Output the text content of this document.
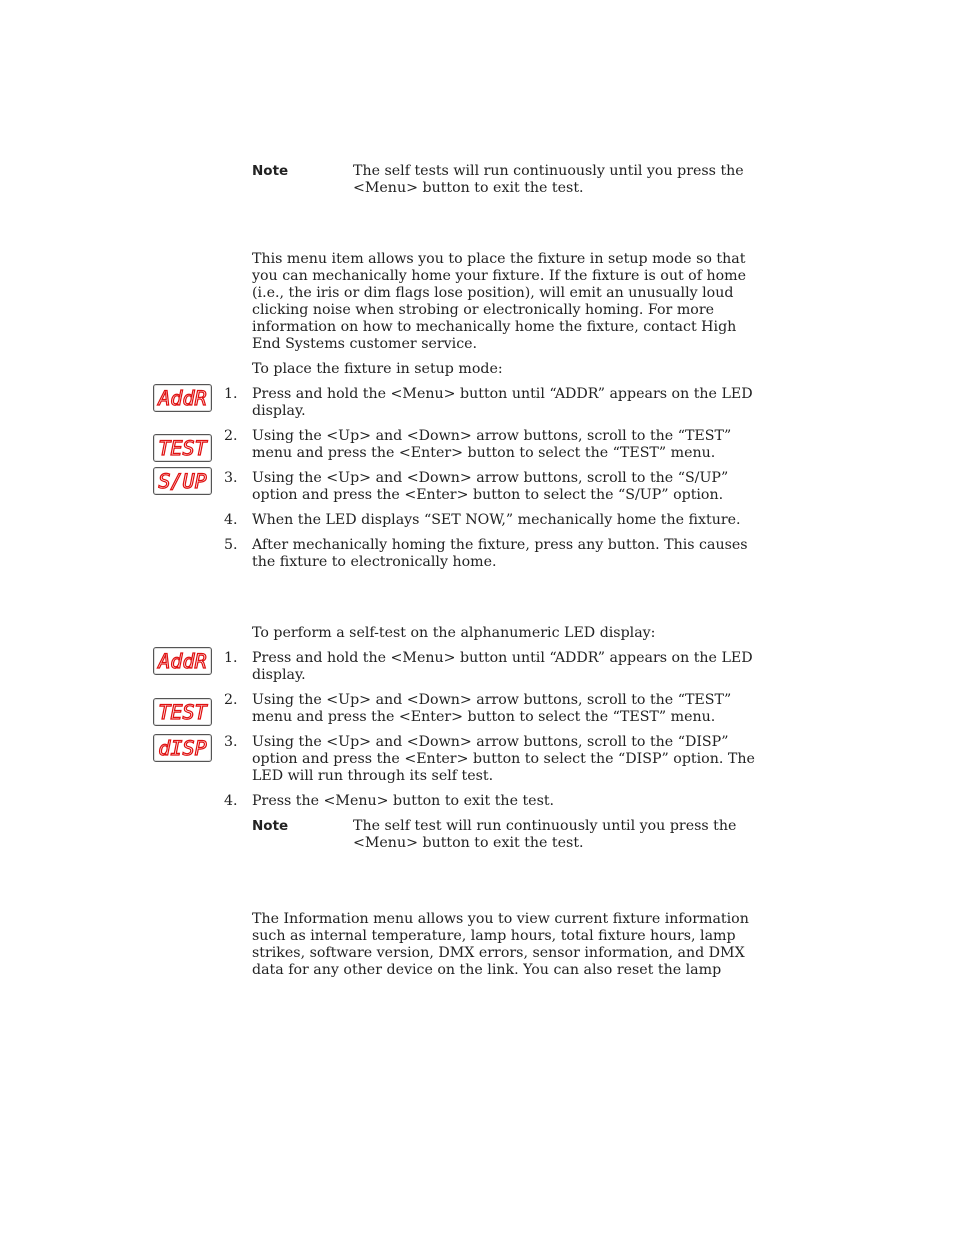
Note	The self tests will run continuously until you press the <Menu> button to exit the test.

This menu item allows you to place the fixture in setup mode so that you can mechanically home your fixture. If the fixture is out of home (i.e., the iris or dim flags lose position), will emit an unusually loud clicking noise when strobing or electronically homing. For more information on how to mechanically home the fixture, contact High End Systems customer service.

To place the fixture in setup mode:

AddR 1. Press and hold the <Menu> button until “ADDR” appears on the LED display.

TEST
2. Using the <Up> and <Down> arrow buttons, scroll to the “TEST” menu and press the <Enter> button to select the “TEST” menu.

S/UP 3. Using the <Up> and <Down> arrow buttons, scroll to the “S/UP” option and press the <Enter> button to select the “S/UP” option.

4. When the LED displays “SET NOW,” mechanically home the fixture.

5. After mechanically homing the fixture, press any button. This causes the fixture to electronically home.

To perform a self-test on the alphanumeric LED display:

AddR 1. Press and hold the <Menu> button until “ADDR” appears on the LED display.

TEST
2. Using the <Up> and <Down> arrow buttons, scroll to the “TEST” menu and press the <Enter> button to select the “TEST” menu.

dISP 3. Using the <Up> and <Down> arrow buttons, scroll to the “DISP” option and press the <Enter> button to select the “DISP” option. The LED will run through its self test.

4. Press the <Menu> button to exit the test.

Note	The self test will run continuously until you press the <Menu> button to exit the test.

The Information menu allows you to view current fixture information such as internal temperature, lamp hours, total fixture hours, lamp strikes, software version, DMX errors, sensor information, and DMX data for any other device on the link. You can also reset the lamp
